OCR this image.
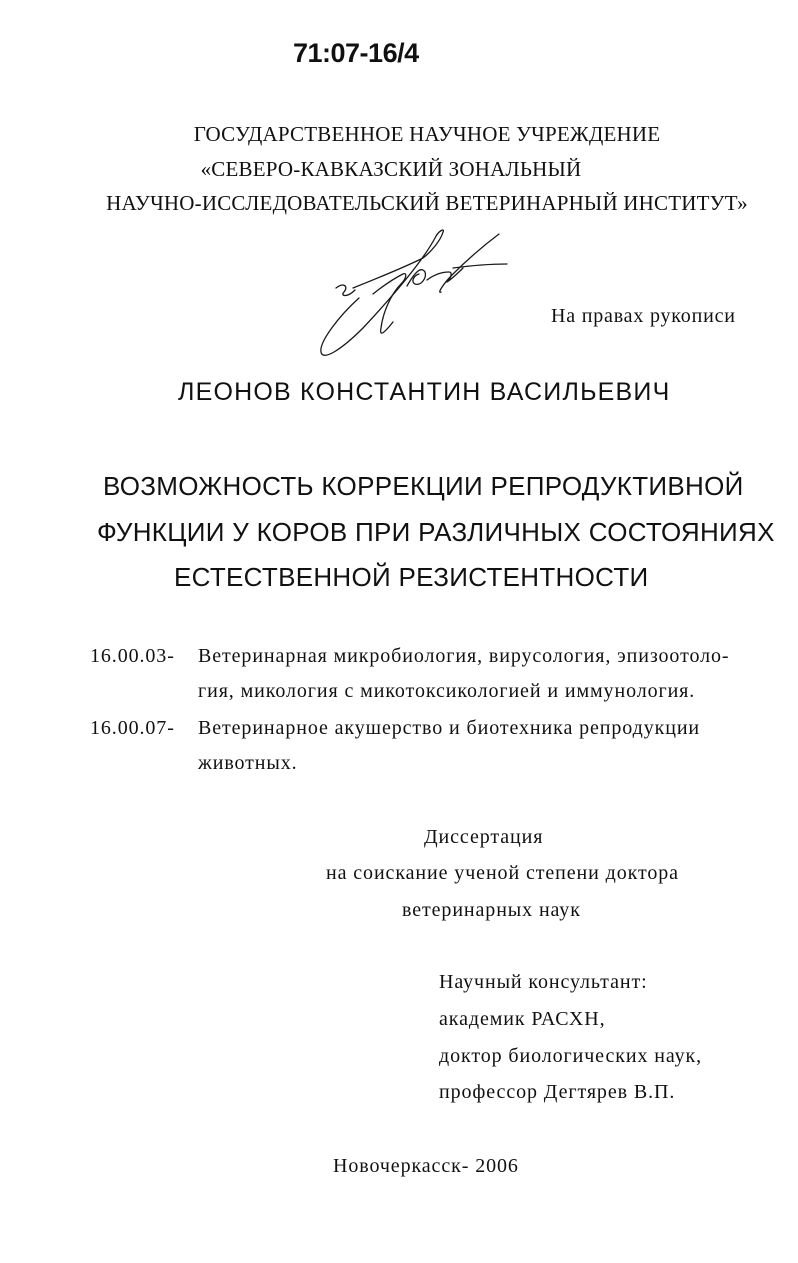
71:07-16/4
ГОСУДАРСТВЕННОЕ НАУЧНОЕ УЧРЕЖДЕНИЕ
«СЕВЕРО-КАВКАЗСКИЙ ЗОНАЛЬНЫЙ
НАУЧНО-ИССЛЕДОВАТЕЛЬСКИЙ ВЕТЕРИНАРНЫЙ ИНСТИТУТ»
На правах рукописи
ЛЕОНОВ КОНСТАНТИН ВАСИЛЬЕВИЧ
ВОЗМОЖНОСТЬ КОРРЕКЦИИ РЕПРОДУКТИВНОЙ
ФУНКЦИИ У КОРОВ ПРИ РАЗЛИЧНЫХ СОСТОЯНИЯХ
ЕСТЕСТВЕННОЙ РЕЗИСТЕНТНОСТИ
16.00.03- Ветеринарная микробиология, вирусология, эпизоотоло-
гия, микология с микотоксикологией и иммунология.
16.00.07- Ветеринарное акушерство и биотехника репродукции
животных.
Диссертация
на соискание ученой степени доктора
ветеринарных наук
Научный консультант:
академик РАСХН,
доктор биологических наук,
профессор Дегтярев В.П.
Новочеркасск- 2006
